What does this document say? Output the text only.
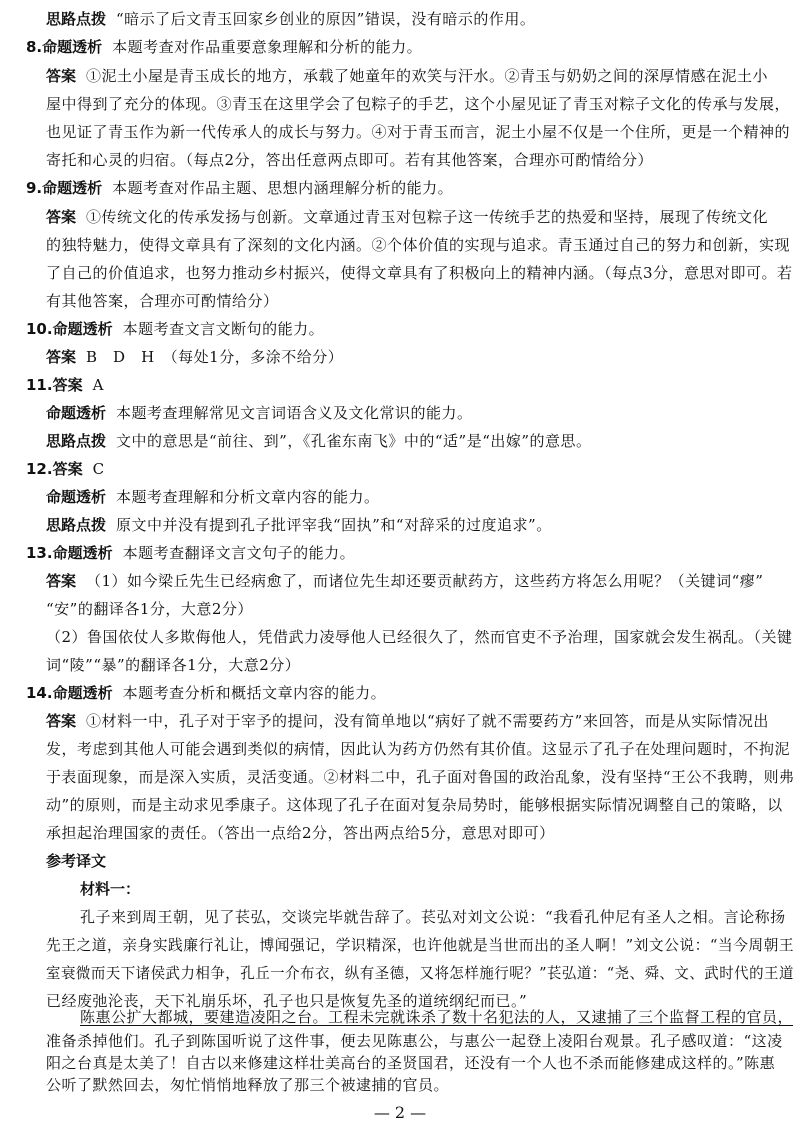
思路点拨 “暗示了后文青玉回家乡创业的原因”错误，没有暗示的作用。
8.命题透析 本题考查对作品重要意象理解和分析的能力。
答案 ①泥土小屋是青玉成长的地方，承载了她童年的欢笑与汗水。②青玉与奶奶之间的深厚情感在泥土小
屋中得到了充分的体现。③青玉在这里学会了包粽子的手艺，这个小屋见证了青玉对粽子文化的传承与发展，
也见证了青玉作为新一代传承人的成长与努力。④对于青玉而言，泥土小屋不仅是一个住所，更是一个精神的
寄托和心灵的归宿。（每点2分，答出任意两点即可。若有其他答案，合理亦可酌情给分）
9.命题透析 本题考查对作品主题、思想内涵理解分析的能力。
答案 ①传统文化的传承发扬与创新。文章通过青玉对包粽子这一传统手艺的热爱和坚持，展现了传统文化
的独特魅力，使得文章具有了深刻的文化内涵。②个体价值的实现与追求。青玉通过自己的努力和创新，实现
了自己的价值追求，也努力推动乡村振兴，使得文章具有了积极向上的精神内涵。（每点3分，意思对即可。若
有其他答案，合理亦可酌情给分）
10.命题透析 本题考查文言文断句的能力。
答案 B　D　H　（每处1分，多涂不给分）
11.答案 A
命题透析 本题考查理解常见文言词语含义及文化常识的能力。
思路点拨 文中的意思是“前往、到”，《孔雀东南飞》中的“适”是“出嫁”的意思。
12.答案 C
命题透析 本题考查理解和分析文章内容的能力。
思路点拨 原文中并没有提到孔子批评宰我“固执”和“对辞采的过度追求”。
13.命题透析 本题考查翻译文言文句子的能力。
答案 （1）如今梁丘先生已经病愈了，而诸位先生却还要贡献药方，这些药方将怎么用呢？（关键词“瘳”
“安”的翻译各1分，大意2分）
（2）鲁国依仗人多欺侮他人，凭借武力凌辱他人已经很久了，然而官吏不予治理，国家就会发生祸乱。（关键
词“陵”“暴”的翻译各1分，大意2分）
14.命题透析 本题考查分析和概括文章内容的能力。
答案 ①材料一中，孔子对于宰予的提问，没有简单地以“病好了就不需要药方”来回答，而是从实际情况出
发，考虑到其他人可能会遇到类似的病情，因此认为药方仍然有其价值。这显示了孔子在处理问题时，不拘泥
于表面现象，而是深入实质，灵活变通。②材料二中，孔子面对鲁国的政治乱象，没有坚持“王公不我聘，则弗
动”的原则，而是主动求见季康子。这体现了孔子在面对复杂局势时，能够根据实际情况调整自己的策略，以
承担起治理国家的责任。（答出一点给2分，答出两点给5分，意思对即可）
参考译文
材料一：
孔子来到周王朝，见了苌弘，交谈完毕就告辞了。苌弘对刘文公说：“我看孔仲尼有圣人之相。言论称扬
先王之道，亲身实践廉行礼让，博闻强记，学识精深，也许他就是当世而出的圣人啊！”刘文公说：“当今周朝王
室衰微而天下诸侯武力相争，孔丘一介布衣，纵有圣德，又将怎样施行呢？”苌弘道：“尧、舜、文、武时代的王道
已经废弛沦丧，天下礼崩乐坏，孔子也只是恢复先圣的道统纲纪而已。”
陈惠公扩大都城，要建造凌阳之台。工程未完就诛杀了数十名犯法的人，又逮捕了三个监督工程的官员，
准备杀掉他们。孔子到陈国听说了这件事，便去见陈惠公，与惠公一起登上凌阳台观景。孔子感叹道：“这凌
阳之台真是太美了！自古以来修建这样壮美高台的圣贤国君，还没有一个人也不杀而能修建成这样的。”陈惠
公听了默然回去，匆忙悄悄地释放了那三个被逮捕的官员。
— 2 —
